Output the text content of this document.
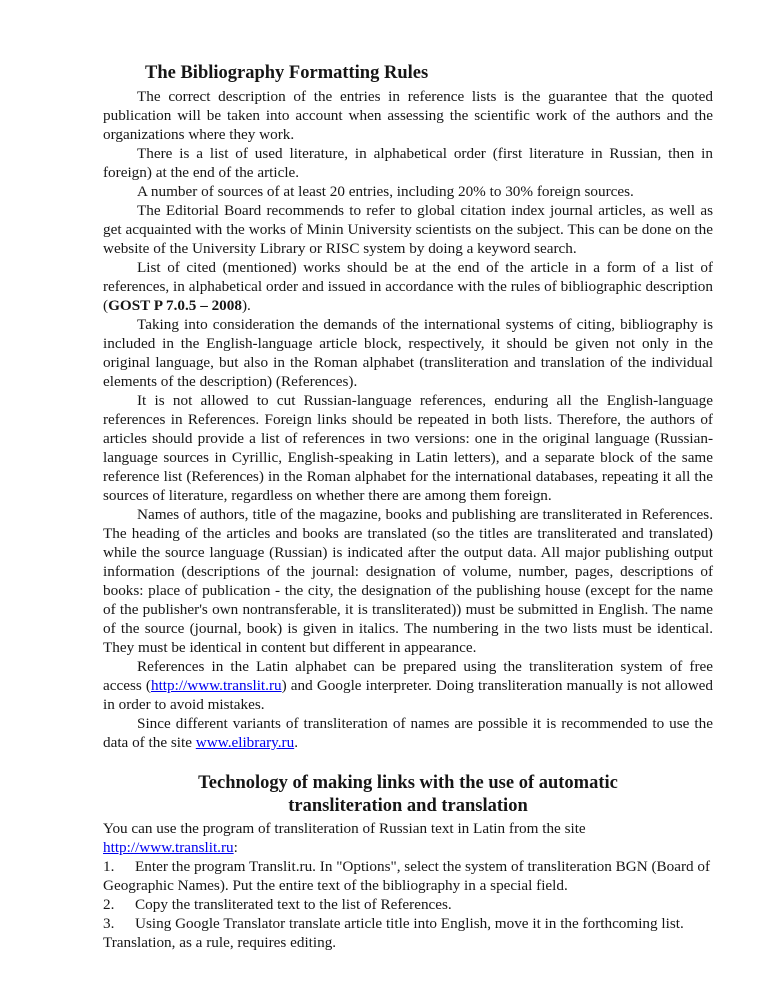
The Bibliography Formatting Rules
The correct description of the entries in reference lists is the guarantee that the quoted publication will be taken into account when assessing the scientific work of the authors and the organizations where they work.
There is a list of used literature, in alphabetical order (first literature in Russian, then in foreign) at the end of the article.
A number of sources of at least 20 entries, including 20% to 30% foreign sources.
The Editorial Board recommends to refer to global citation index journal articles, as well as get acquainted with the works of Minin University scientists on the subject. This can be done on the website of the University Library or RISC system by doing a keyword search.
List of cited (mentioned) works should be at the end of the article in a form of a list of references, in alphabetical order and issued in accordance with the rules of bibliographic description (GOST P 7.0.5 – 2008).
Taking into consideration the demands of the international systems of citing, bibliography is included in the English-language article block, respectively, it should be given not only in the original language, but also in the Roman alphabet (transliteration and translation of the individual elements of the description) (References).
It is not allowed to cut Russian-language references, enduring all the English-language references in References. Foreign links should be repeated in both lists. Therefore, the authors of articles should provide a list of references in two versions: one in the original language (Russian-language sources in Cyrillic, English-speaking in Latin letters), and a separate block of the same reference list (References) in the Roman alphabet for the international databases, repeating it all the sources of literature, regardless on whether there are among them foreign.
Names of authors, title of the magazine, books and publishing are transliterated in References. The heading of the articles and books are translated (so the titles are transliterated and translated) while the source language (Russian) is indicated after the output data. All major publishing output information (descriptions of the journal: designation of volume, number, pages, descriptions of books: place of publication - the city, the designation of the publishing house (except for the name of the publisher's own nontransferable, it is transliterated)) must be submitted in English. The name of the source (journal, book) is given in italics. The numbering in the two lists must be identical. They must be identical in content but different in appearance.
References in the Latin alphabet can be prepared using the transliteration system of free access (http://www.translit.ru) and Google interpreter. Doing transliteration manually is not allowed in order to avoid mistakes.
Since different variants of transliteration of names are possible it is recommended to use the data of the site www.elibrary.ru.
Technology of making links with the use of automatic
transliteration and translation
You can use the program of transliteration of Russian text in Latin from the site
http://www.translit.ru:
1. Enter the program Translit.ru. In "Options", select the system of transliteration BGN (Board of Geographic Names). Put the entire text of the bibliography in a special field.
2. Copy the transliterated text to the list of References.
3. Using Google Translator translate article title into English, move it in the forthcoming list. Translation, as a rule, requires editing.
